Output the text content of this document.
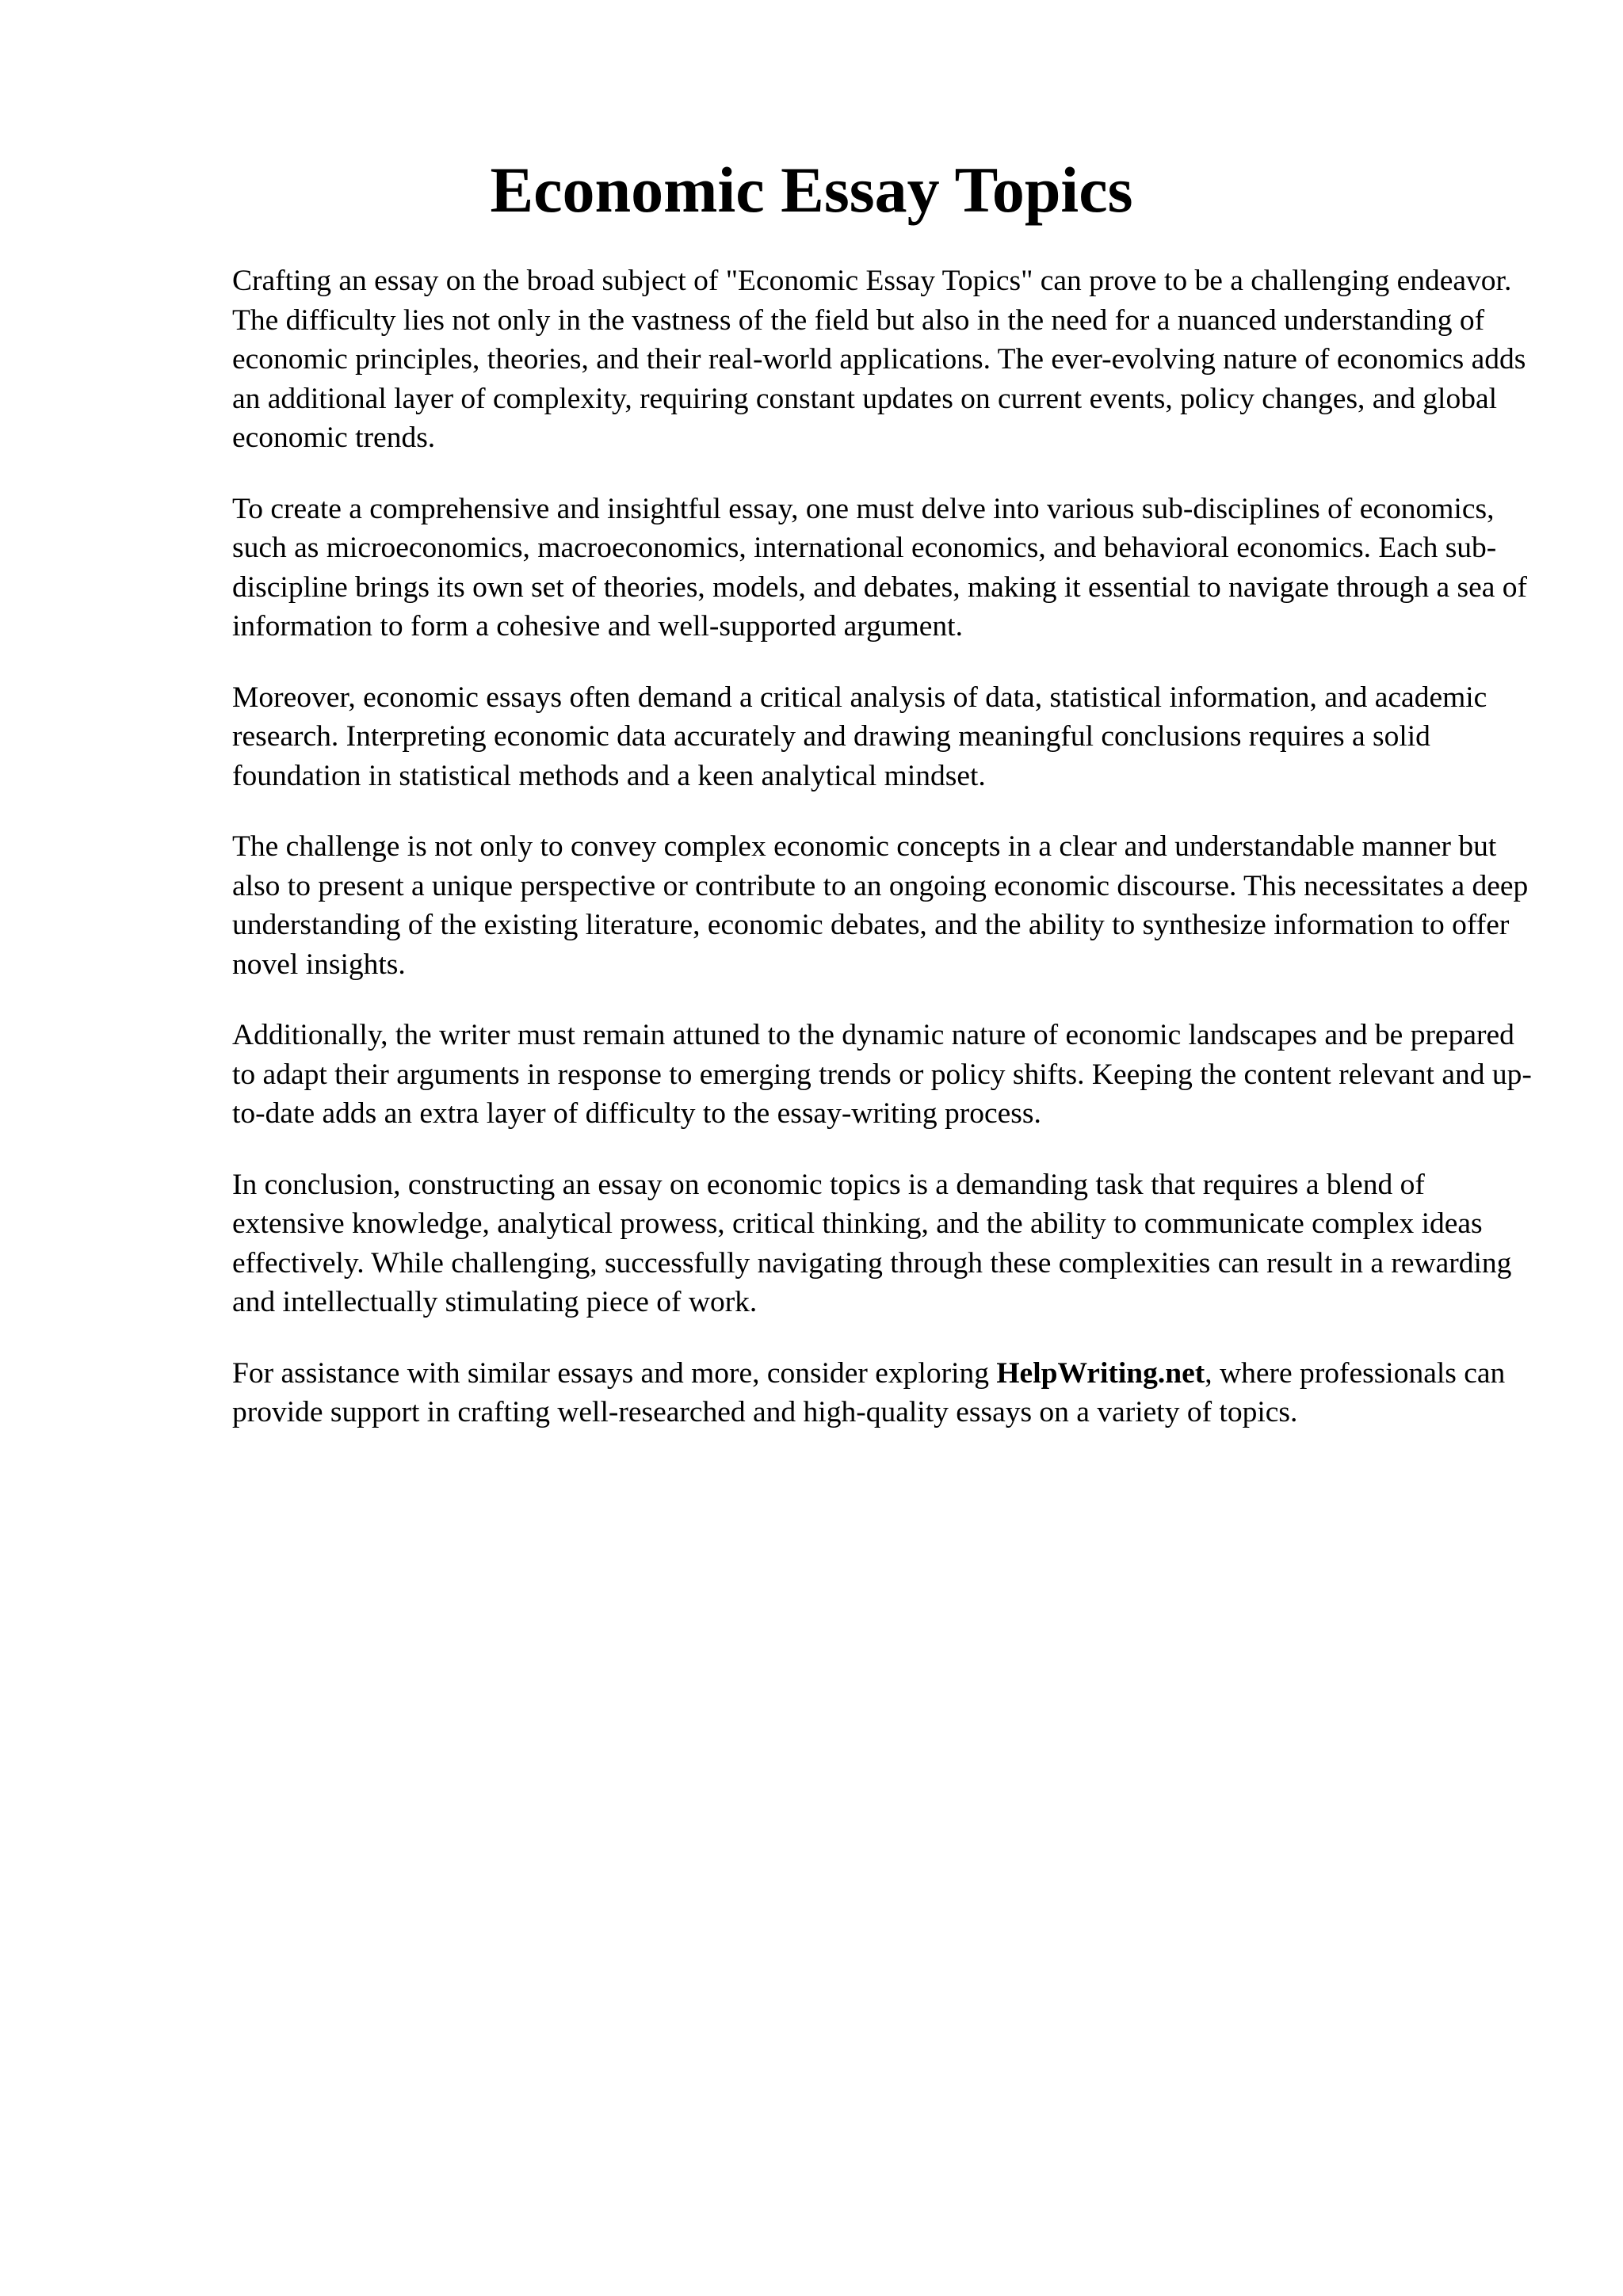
Economic Essay Topics

Crafting an essay on the broad subject of "Economic Essay Topics" can prove to be a challenging endeavor. The difficulty lies not only in the vastness of the field but also in the need for a nuanced understanding of economic principles, theories, and their real-world applications. The ever-evolving nature of economics adds an additional layer of complexity, requiring constant updates on current events, policy changes, and global economic trends.

To create a comprehensive and insightful essay, one must delve into various sub-disciplines of economics, such as microeconomics, macroeconomics, international economics, and behavioral economics. Each sub-discipline brings its own set of theories, models, and debates, making it essential to navigate through a sea of information to form a cohesive and well-supported argument.

Moreover, economic essays often demand a critical analysis of data, statistical information, and academic research. Interpreting economic data accurately and drawing meaningful conclusions requires a solid foundation in statistical methods and a keen analytical mindset.

The challenge is not only to convey complex economic concepts in a clear and understandable manner but also to present a unique perspective or contribute to an ongoing economic discourse. This necessitates a deep understanding of the existing literature, economic debates, and the ability to synthesize information to offer novel insights.

Additionally, the writer must remain attuned to the dynamic nature of economic landscapes and be prepared to adapt their arguments in response to emerging trends or policy shifts. Keeping the content relevant and up-to-date adds an extra layer of difficulty to the essay-writing process.

In conclusion, constructing an essay on economic topics is a demanding task that requires a blend of extensive knowledge, analytical prowess, critical thinking, and the ability to communicate complex ideas effectively. While challenging, successfully navigating through these complexities can result in a rewarding and intellectually stimulating piece of work.

For assistance with similar essays and more, consider exploring HelpWriting.net, where professionals can provide support in crafting well-researched and high-quality essays on a variety of topics.
